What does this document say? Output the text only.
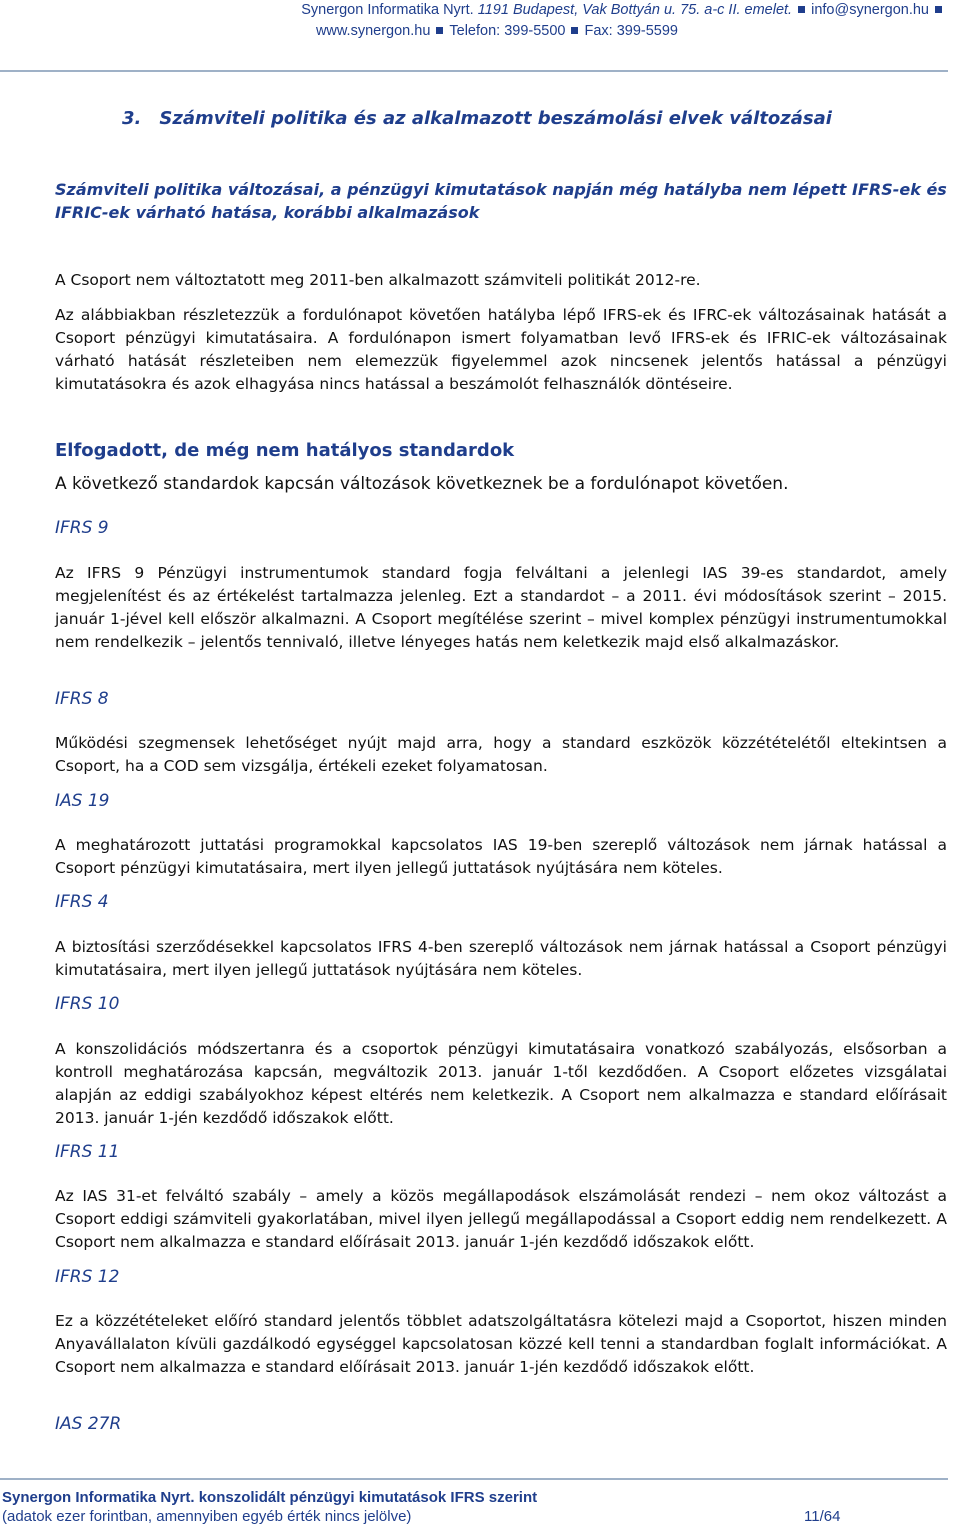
Synergon Informatika Nyrt. 1191 Budapest, Vak Bottyán u. 75. a-c II. emelet. info@synergon.hu
www.synergon.hu Telefon: 399-5500 Fax: 399-5599
3. Számviteli politika és az alkalmazott beszámolási elvek változásai
Számviteli politika változásai, a pénzügyi kimutatások napján még hatályba nem lépett IFRS-ek és IFRIC-ek várható hatása, korábbi alkalmazások

A Csoport nem változtatott meg 2011-ben alkalmazott számviteli politikát 2012-re.

Az alábbiakban részletezzük a fordulónapot követően hatályba lépő IFRS-ek és IFRC-ek változásainak hatását a Csoport pénzügyi kimutatásaira. A fordulónapon ismert folyamatban levő IFRS-ek és IFRIC-ek változásainak várható hatását részleteiben nem elemezzük figyelemmel azok nincsenek jelentős hatással a pénzügyi kimutatásokra és azok elhagyása nincs hatással a beszámolót felhasználók döntéseire.

Elfogadott, de még nem hatályos standardok
A következő standardok kapcsán változások következnek be a fordulónapot követően.
IFRS 9

Az IFRS 9 Pénzügyi instrumentumok standard fogja felváltani a jelenlegi IAS 39-es standardot, amely megjelenítést és az értékelést tartalmazza jelenleg. Ezt a standardot – a 2011. évi módosítások szerint – 2015. január 1-jével kell először alkalmazni. A Csoport megítélése szerint – mivel komplex pénzügyi instrumentumokkal nem rendelkezik – jelentős tennivaló, illetve lényeges hatás nem keletkezik majd első alkalmazáskor.

IFRS 8

Működési szegmensek lehetőséget nyújt majd arra, hogy a standard eszközök közzétételétől eltekintsen a Csoport, ha a COD sem vizsgálja, értékeli ezeket folyamatosan.

IAS 19

A meghatározott juttatási programokkal kapcsolatos IAS 19-ben szereplő változások nem járnak hatással a Csoport pénzügyi kimutatásaira, mert ilyen jellegű juttatások nyújtására nem köteles.

IFRS 4

A biztosítási szerződésekkel kapcsolatos IFRS 4-ben szereplő változások nem járnak hatással a Csoport pénzügyi kimutatásaira, mert ilyen jellegű juttatások nyújtására nem köteles.

IFRS 10

A konszolidációs módszertanra és a csoportok pénzügyi kimutatásaira vonatkozó szabályozás, elsősorban a kontroll meghatározása kapcsán, megváltozik 2013. január 1-től kezdődően. A Csoport előzetes vizsgálatai alapján az eddigi szabályokhoz képest eltérés nem keletkezik. A Csoport nem alkalmazza e standard előírásait 2013. január 1-jén kezdődő időszakok előtt.

IFRS 11

Az IAS 31-et felváltó szabály – amely a közös megállapodások elszámolását rendezi – nem okoz változást a Csoport eddigi számviteli gyakorlatában, mivel ilyen jellegű megállapodással a Csoport eddig nem rendelkezett. A Csoport nem alkalmazza e standard előírásait 2013. január 1-jén kezdődő időszakok előtt.

IFRS 12

Ez a közzétételeket előíró standard jelentős többlet adatszolgáltatásra kötelezi majd a Csoportot, hiszen minden Anyavállalaton kívüli gazdálkodó egységgel kapcsolatosan közzé kell tenni a standardban foglalt információkat. A Csoport nem alkalmazza e standard előírásait 2013. január 1-jén kezdődő időszakok előtt.

IAS 27R
Synergon Informatika Nyrt. konszolidált pénzügyi kimutatások IFRS szerint
(adatok ezer forintban, amennyiben egyéb érték nincs jelölve)	11/64
